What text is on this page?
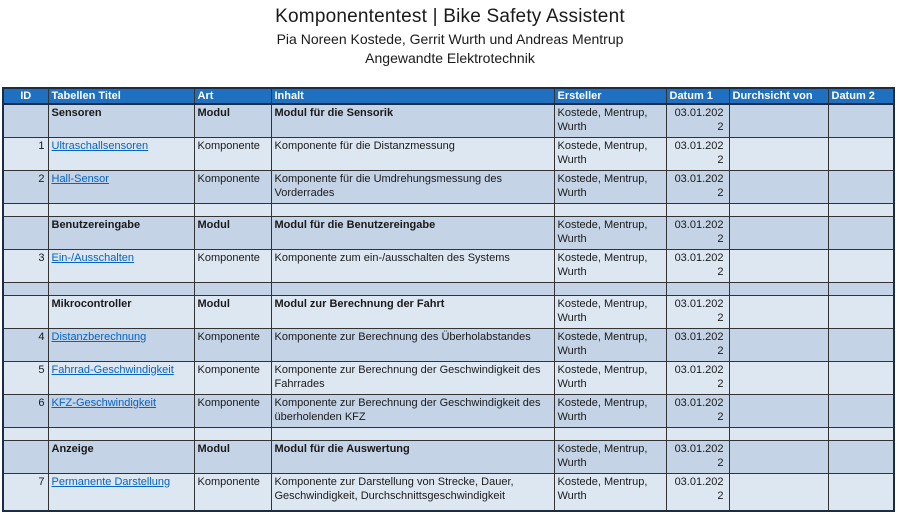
Komponententest | Bike Safety Assistent
Pia Noreen Kostede, Gerrit Wurth und Andreas Mentrup
Angewandte Elektrotechnik
ID	Tabellen Titel	Art	Inhalt	Ersteller	Datum 1	Durchsicht von	Datum 2
	Sensoren	Modul	Modul für die Sensorik	Kostede, Mentrup, Wurth	03.01.2022		
1	Ultraschallsensoren	Komponente	Komponente für die Distanzmessung	Kostede, Mentrup, Wurth	03.01.2022		
2	Hall-Sensor	Komponente	Komponente für die Umdrehungsmessung des Vorderrades	Kostede, Mentrup, Wurth	03.01.2022		

	Benutzereingabe	Modul	Modul für die Benutzereingabe	Kostede, Mentrup, Wurth	03.01.2022		
3	Ein-/Ausschalten	Komponente	Komponente zum ein-/ausschalten des Systems	Kostede, Mentrup, Wurth	03.01.2022		

	Mikrocontroller	Modul	Modul zur Berechnung der Fahrt	Kostede, Mentrup, Wurth	03.01.2022		
4	Distanzberechnung	Komponente	Komponente zur Berechnung des Überholabstandes	Kostede, Mentrup, Wurth	03.01.2022		
5	Fahrrad-Geschwindigkeit	Komponente	Komponente zur Berechnung der Geschwindigkeit des Fahrrades	Kostede, Mentrup, Wurth	03.01.2022		
6	KFZ-Geschwindigkeit	Komponente	Komponente zur Berechnung der Geschwindigkeit des überholenden KFZ	Kostede, Mentrup, Wurth	03.01.2022		

	Anzeige	Modul	Modul für die Auswertung	Kostede, Mentrup, Wurth	03.01.2022		
7	Permanente Darstellung	Komponente	Komponente zur Darstellung von Strecke, Dauer, Geschwindigkeit, Durchschnittsgeschwindigkeit	Kostede, Mentrup, Wurth	03.01.2022		
